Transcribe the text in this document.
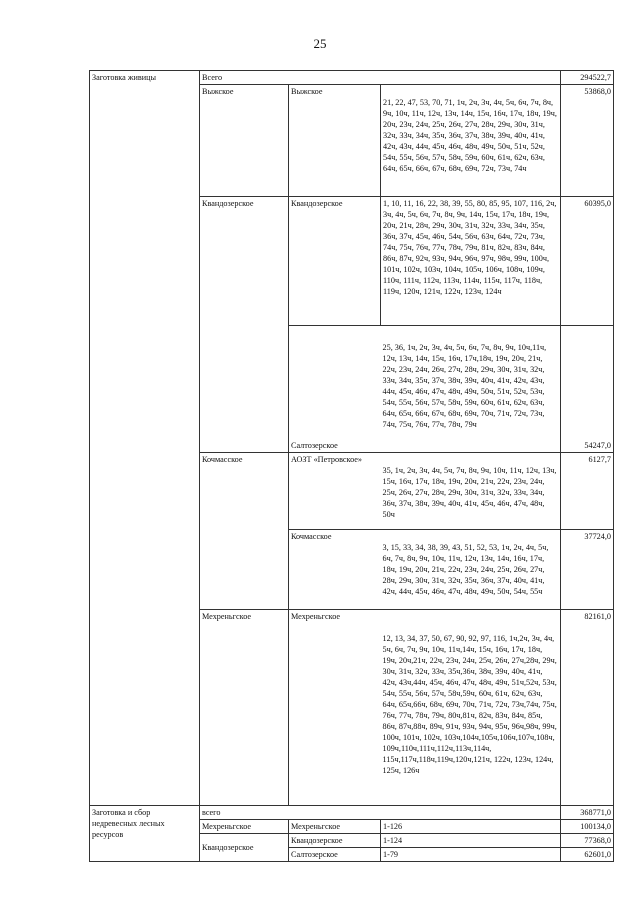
25
Заготовка живицы	Всего			294522,7
	Выжское	Выжское	21, 22, 47, 53, 70, 71, 1ч, 2ч, 3ч, 4ч, 5ч, 6ч, 7ч, 8ч, 9ч, 10ч, 11ч, 12ч, 13ч, 14ч, 15ч, 16ч, 17ч, 18ч, 19ч, 20ч, 23ч, 24ч, 25ч, 26ч, 27ч, 28ч, 29ч, 30ч, 31ч, 32ч, 33ч, 34ч, 35ч, 36ч, 37ч, 38ч, 39ч, 40ч, 41ч, 42ч, 43ч, 44ч, 45ч, 46ч, 48ч, 49ч, 50ч, 51ч, 52ч, 54ч, 55ч, 56ч, 57ч, 58ч, 59ч, 60ч, 61ч, 62ч, 63ч, 64ч, 65ч, 66ч, 67ч, 68ч, 69ч, 72ч, 73ч, 74ч	53868,0
	Квандозерское	Квандозерское	1, 10, 11, 16, 22, 38, 39, 55, 80, 85, 95, 107, 116, 2ч, 3ч, 4ч, 5ч, 6ч, 7ч, 8ч, 9ч, 14ч, 15ч, 17ч, 18ч, 19ч, 20ч, 21ч, 28ч, 29ч, 30ч, 31ч, 32ч, 33ч, 34ч, 35ч, 36ч, 37ч, 45ч, 46ч, 54ч, 56ч, 63ч, 64ч, 72ч, 73ч, 74ч, 75ч, 76ч, 77ч, 78ч, 79ч, 81ч, 82ч, 83ч, 84ч, 86ч, 87ч, 92ч, 93ч, 94ч, 96ч, 97ч, 98ч, 99ч, 100ч, 101ч, 102ч, 103ч, 104ч, 105ч, 106ч, 108ч, 109ч, 110ч, 111ч, 112ч, 113ч, 114ч, 115ч, 117ч, 118ч, 119ч, 120ч, 121ч, 122ч, 123ч, 124ч	60395,0
		Салтозерское	25, 36, 1ч, 2ч, 3ч, 4ч, 5ч, 6ч, 7ч, 8ч, 9ч, 10ч,11ч, 12ч, 13ч, 14ч, 15ч, 16ч, 17ч,18ч, 19ч, 20ч, 21ч, 22ч, 23ч, 24ч, 26ч, 27ч, 28ч, 29ч, 30ч, 31ч, 32ч, 33ч, 34ч, 35ч, 37ч, 38ч, 39ч, 40ч, 41ч, 42ч, 43ч, 44ч, 45ч, 46ч, 47ч, 48ч, 49ч, 50ч, 51ч, 52ч, 53ч, 54ч, 55ч, 56ч, 57ч, 58ч, 59ч, 60ч, 61ч, 62ч, 63ч, 64ч, 65ч, 66ч, 67ч, 68ч, 69ч, 70ч, 71ч, 72ч, 73ч, 74ч, 75ч, 76ч, 77ч, 78ч, 79ч	54247,0
	Кочмасское	АОЗТ «Петровское»	35, 1ч, 2ч, 3ч, 4ч, 5ч, 7ч, 8ч, 9ч, 10ч, 11ч, 12ч, 13ч, 15ч, 16ч, 17ч, 18ч, 19ч, 20ч, 21ч, 22ч, 23ч, 24ч, 25ч, 26ч, 27ч, 28ч, 29ч, 30ч, 31ч, 32ч, 33ч, 34ч, 36ч, 37ч, 38ч, 39ч, 40ч, 41ч, 45ч, 46ч, 47ч, 48ч, 50ч	6127,7
		Кочмасское	3, 15, 33, 34, 38, 39, 43, 51, 52, 53, 1ч, 2ч, 4ч, 5ч, 6ч, 7ч, 8ч, 9ч, 10ч, 11ч, 12ч, 13ч, 14ч, 16ч, 17ч, 18ч, 19ч, 20ч, 21ч, 22ч, 23ч, 24ч, 25ч, 26ч, 27ч, 28ч, 29ч, 30ч, 31ч, 32ч, 35ч, 36ч, 37ч, 40ч, 41ч, 42ч, 44ч, 45ч, 46ч, 47ч, 48ч, 49ч, 50ч, 54ч, 55ч	37724,0
	Мехреньгское	Мехреньгское	12, 13, 34, 37, 50, 67, 90, 92, 97, 116, 1ч,2ч, 3ч, 4ч, 5ч, 6ч, 7ч, 9ч, 10ч, 11ч,14ч, 15ч, 16ч, 17ч, 18ч, 19ч, 20ч,21ч, 22ч, 23ч, 24ч, 25ч, 26ч, 27ч,28ч, 29ч, 30ч, 31ч, 32ч, 33ч, 35ч,36ч, 38ч, 39ч, 40ч, 41ч, 42ч, 43ч,44ч, 45ч, 46ч, 47ч, 48ч, 49ч, 51ч,52ч, 53ч, 54ч, 55ч, 56ч, 57ч, 58ч,59ч, 60ч, 61ч, 62ч, 63ч, 64ч, 65ч,66ч, 68ч, 69ч, 70ч, 71ч, 72ч, 73ч,74ч, 75ч, 76ч, 77ч, 78ч, 79ч, 80ч,81ч, 82ч, 83ч, 84ч, 85ч, 86ч, 87ч,88ч, 89ч, 91ч, 93ч, 94ч, 95ч, 96ч,98ч, 99ч, 100ч, 101ч, 102ч, 103ч,104ч,105ч,106ч,107ч,108ч, 109ч,110ч,111ч,112ч,113ч,114ч, 115ч,117ч,118ч,119ч,120ч,121ч, 122ч, 123ч, 124ч, 125ч, 126ч	82161,0
Заготовка и сбор недревесных лесных ресурсов	всего			368771,0
	Мехреньгское	Мехреньгское	1-126	100134,0
	Квандозерское	Квандозерское	1-124	77368,0
		Салтозерское	1-79	62601,0
